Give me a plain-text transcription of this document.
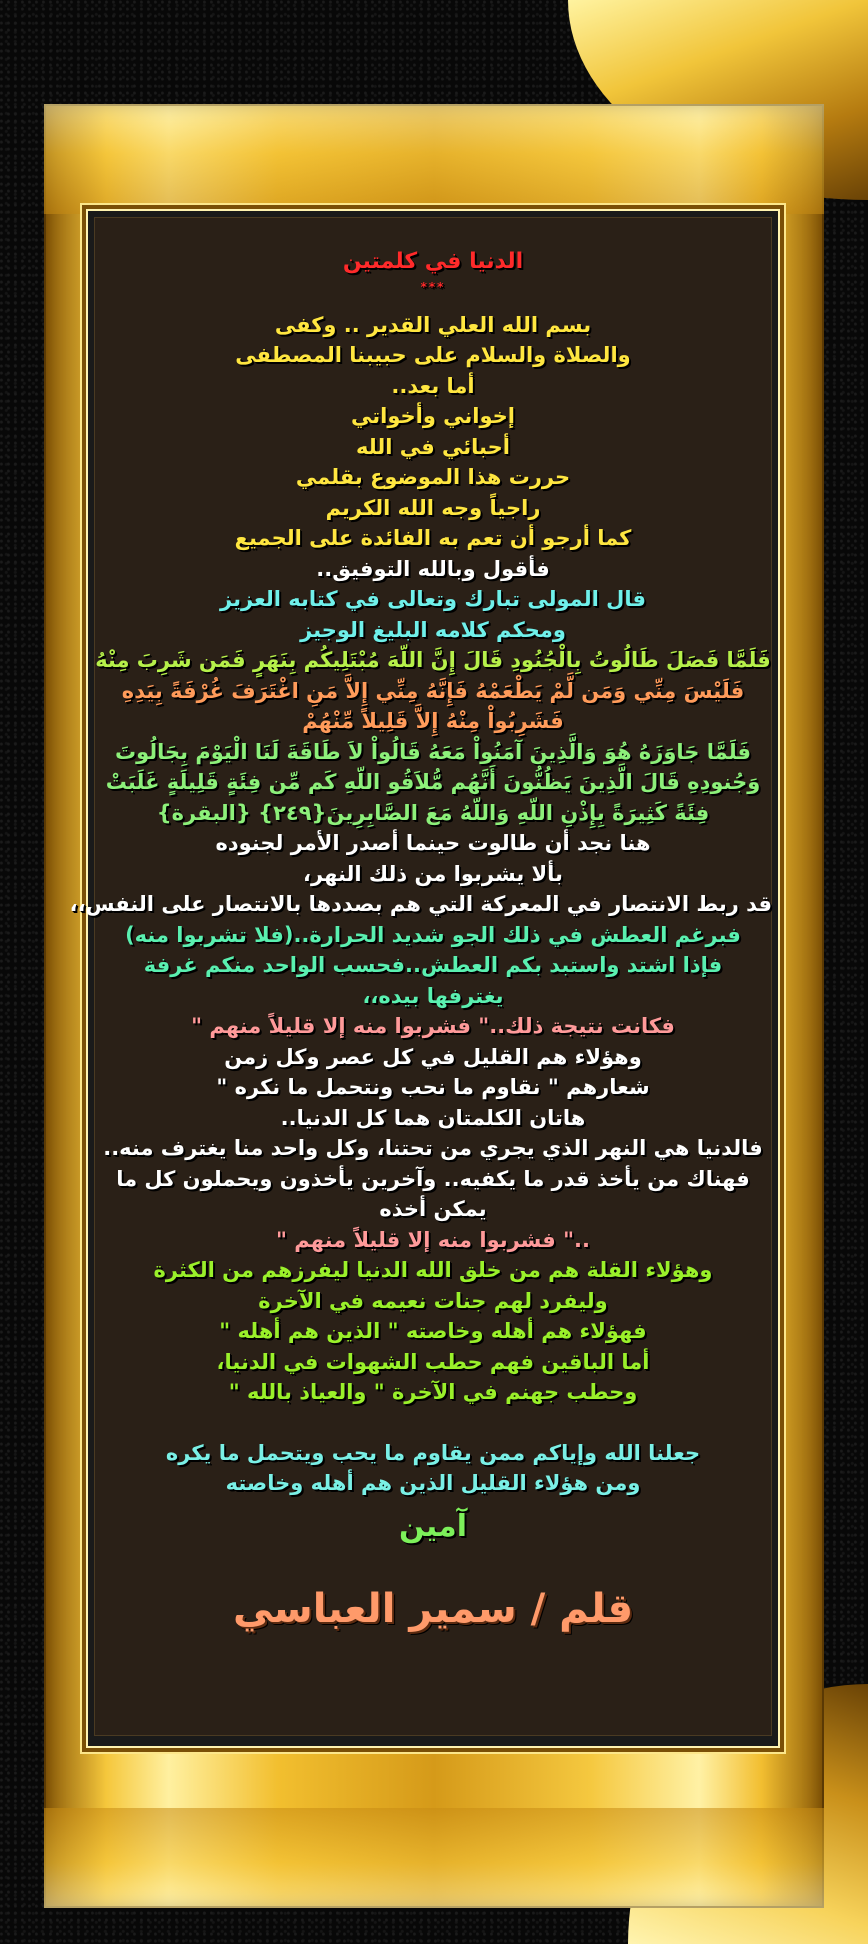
الدنيا في كلمتين
***
بسم الله العلي القدير .. وكفى
والصلاة والسلام على حبيبنا المصطفى
أما بعد..
إخواني وأخواتي
أحبائي في الله
حررت هذا الموضوع بقلمي
راجياً وجه الله الكريم
كما أرجو أن تعم به الفائدة على الجميع
فأقول وبالله التوفيق..
قال المولى تبارك وتعالى في كتابه العزيز
ومحكم كلامه البليغ الوجيز
فَلَمَّا فَصَلَ طَالُوتُ بِالْجُنُودِ قَالَ إِنَّ اللّهَ مُبْتَلِيكُم بِنَهَرٍ فَمَن شَرِبَ مِنْهُ
فَلَيْسَ مِنِّي وَمَن لَّمْ يَطْعَمْهُ فَإِنَّهُ مِنِّي إِلاَّ مَنِ اغْتَرَفَ غُرْفَةً بِيَدِهِ
فَشَرِبُواْ مِنْهُ إِلاَّ قَلِيلاً مِّنْهُمْ
فَلَمَّا جَاوَزَهُ هُوَ وَالَّذِينَ آمَنُواْ مَعَهُ قَالُواْ لاَ طَاقَةَ لَنَا الْيَوْمَ بِجَالُوتَ
وَجُنودِهِ قَالَ الَّذِينَ يَظُنُّونَ أَنَّهُم مُّلاَقُو اللّهِ كَم مِّن فِئَةٍ قَلِيلَةٍ غَلَبَتْ
فِئَةً كَثِيرَةً بِإِذْنِ اللّهِ وَاللّهُ مَعَ الصَّابِرِينَ{٢٤٩} {البقرة}
هنا نجد أن طالوت حينما أصدر الأمر لجنوده
بألا يشربوا من ذلك النهر،
قد ربط الانتصار في المعركة التي هم بصددها بالانتصار على النفس،،
فبرغم العطش في ذلك الجو شديد الحرارة..(فلا تشربوا منه)
فإذا اشتد واستبد بكم العطش..فحسب الواحد منكم غرفة يغترفها بيده،،
فكانت نتيجة ذلك.." فشربوا منه إلا قليلاً منهم "
وهؤلاء هم القليل في كل عصر وكل زمن
شعارهم " نقاوم ما نحب ونتحمل ما نكره "
هاتان الكلمتان هما كل الدنيا..
فالدنيا هي النهر الذي يجري من تحتنا، وكل واحد منا يغترف منه..
فهناك من يأخذ قدر ما يكفيه.. وآخرين يأخذون ويحملون كل ما يمكن أخذه
.." فشربوا منه إلا قليلاً منهم "
وهؤلاء القلة هم من خلق الله الدنيا ليفرزهم من الكثرة
وليفرد لهم جنات نعيمه في الآخرة
فهؤلاء هم أهله وخاصته " الذين هم أهله "
أما الباقين فهم حطب الشهوات في الدنيا،
وحطب جهنم في الآخرة " والعياذ بالله "
جعلنا الله وإياكم ممن يقاوم ما يحب ويتحمل ما يكره
ومن هؤلاء القليل الذين هم أهله وخاصته
آمين
قلم / سمير العباسي
